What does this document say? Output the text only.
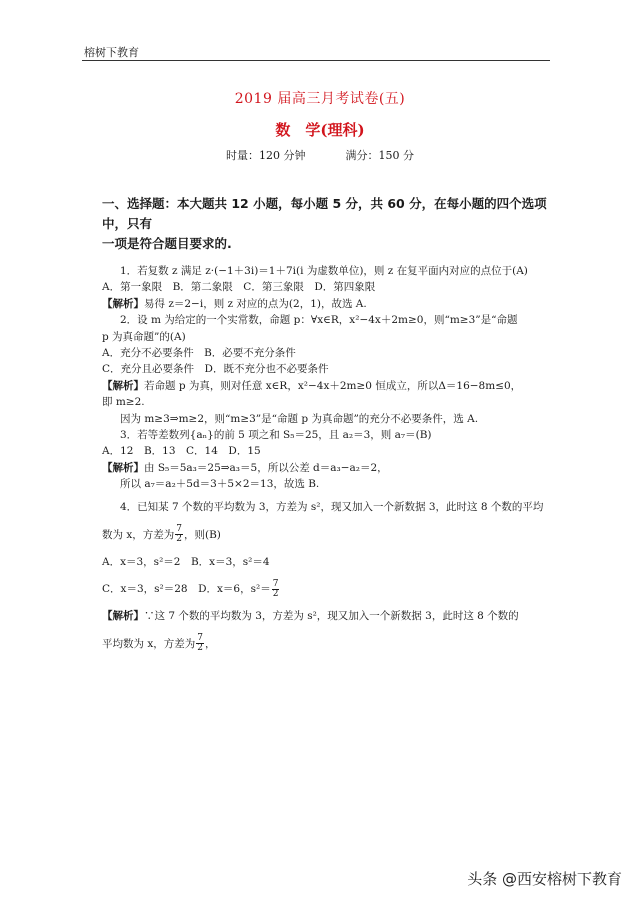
榕树下教育
2019 届高三月考试卷(五)
数　学(理科)
时量：120 分钟	满分：150 分
一、选择题：本大题共 12 小题，每小题 5 分，共 60 分，在每小题的四个选项中，只有
一项是符合题目要求的.
1．若复数 z 满足 z·(−1＋3i)＝1＋7i(i 为虚数单位)，则 z 在复平面内对应的点位于(A)
A．第一象限　B．第二象限　C．第三象限　D．第四象限
【解析】易得 z＝2−i，则 z 对应的点为(2，1)，故选 A.
2．设 m 为给定的一个实常数，命题 p：∀x∈R，x²−4x＋2m≥0，则“m≥3”是“命题
p 为真命题”的(A)
A．充分不必要条件　B．必要不充分条件
C．充分且必要条件　D．既不充分也不必要条件
【解析】若命题 p 为真，则对任意 x∈R，x²−4x＋2m≥0 恒成立，所以Δ＝16−8m≤0，
即 m≥2.
因为 m≥3⇒m≥2，则“m≥3”是“命题 p 为真命题”的充分不必要条件，选 A.
3．若等差数列{aₙ}的前 5 项之和 S₅＝25，且 a₂＝3，则 a₇＝(B)
A．12　B．13　C．14　D．15
【解析】由 S₅＝5a₃＝25⇒a₃＝5，所以公差 d＝a₃−a₂＝2，
所以 a₇＝a₂＋5d＝3＋5×2＝13，故选 B.
4．已知某 7 个数的平均数为 3，方差为 s²，现又加入一个新数据 3，此时这 8 个数的平均
数为 x，方差为 $\frac{7}{2}$ ，则(B)
A．x＝3，s²＝2　B．x＝3，s²＝4
C．x＝3，s²＝28　D．x＝6，$s^2= \frac{7}{2}$
【解析】∵这 7 个数的平均数为 3，方差为 s²，现又加入一个新数据 3，此时这 8 个数的
平均数为 x，方差为 $\frac{7}{2}$ ，
头条 @西安榕树下教育
